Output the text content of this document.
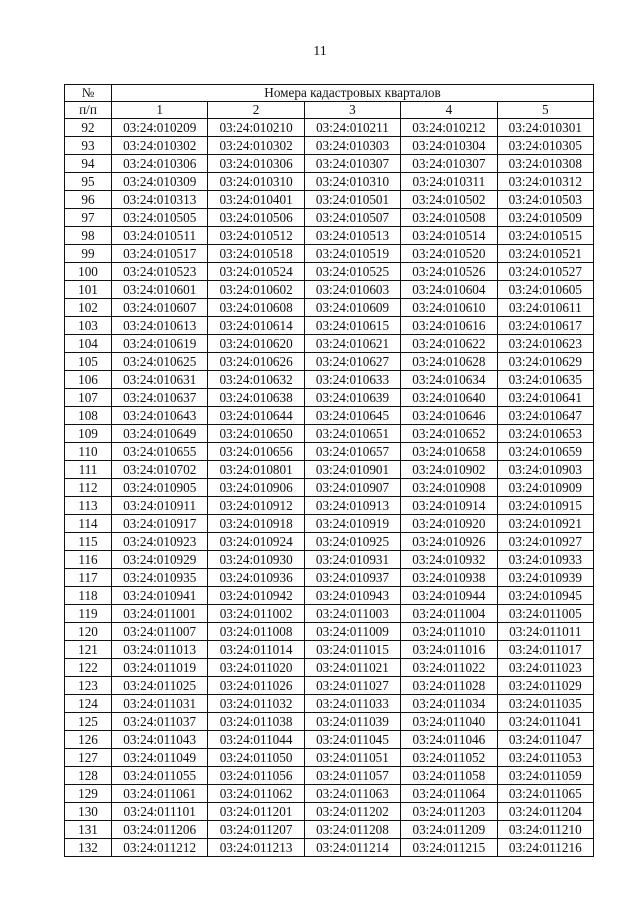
11
№	Номера кадастровых кварталов				
п/п	1	2	3	4	5
92	03:24:010209	03:24:010210	03:24:010211	03:24:010212	03:24:010301
93	03:24:010302	03:24:010302	03:24:010303	03:24:010304	03:24:010305
94	03:24:010306	03:24:010306	03:24:010307	03:24:010307	03:24:010308
95	03:24:010309	03:24:010310	03:24:010310	03:24:010311	03:24:010312
96	03:24:010313	03:24:010401	03:24:010501	03:24:010502	03:24:010503
97	03:24:010505	03:24:010506	03:24:010507	03:24:010508	03:24:010509
98	03:24:010511	03:24:010512	03:24:010513	03:24:010514	03:24:010515
99	03:24:010517	03:24:010518	03:24:010519	03:24:010520	03:24:010521
100	03:24:010523	03:24:010524	03:24:010525	03:24:010526	03:24:010527
101	03:24:010601	03:24:010602	03:24:010603	03:24:010604	03:24:010605
102	03:24:010607	03:24:010608	03:24:010609	03:24:010610	03:24:010611
103	03:24:010613	03:24:010614	03:24:010615	03:24:010616	03:24:010617
104	03:24:010619	03:24:010620	03:24:010621	03:24:010622	03:24:010623
105	03:24:010625	03:24:010626	03:24:010627	03:24:010628	03:24:010629
106	03:24:010631	03:24:010632	03:24:010633	03:24:010634	03:24:010635
107	03:24:010637	03:24:010638	03:24:010639	03:24:010640	03:24:010641
108	03:24:010643	03:24:010644	03:24:010645	03:24:010646	03:24:010647
109	03:24:010649	03:24:010650	03:24:010651	03:24:010652	03:24:010653
110	03:24:010655	03:24:010656	03:24:010657	03:24:010658	03:24:010659
111	03:24:010702	03:24:010801	03:24:010901	03:24:010902	03:24:010903
112	03:24:010905	03:24:010906	03:24:010907	03:24:010908	03:24:010909
113	03:24:010911	03:24:010912	03:24:010913	03:24:010914	03:24:010915
114	03:24:010917	03:24:010918	03:24:010919	03:24:010920	03:24:010921
115	03:24:010923	03:24:010924	03:24:010925	03:24:010926	03:24:010927
116	03:24:010929	03:24:010930	03:24:010931	03:24:010932	03:24:010933
117	03:24:010935	03:24:010936	03:24:010937	03:24:010938	03:24:010939
118	03:24:010941	03:24:010942	03:24:010943	03:24:010944	03:24:010945
119	03:24:011001	03:24:011002	03:24:011003	03:24:011004	03:24:011005
120	03:24:011007	03:24:011008	03:24:011009	03:24:011010	03:24:011011
121	03:24:011013	03:24:011014	03:24:011015	03:24:011016	03:24:011017
122	03:24:011019	03:24:011020	03:24:011021	03:24:011022	03:24:011023
123	03:24:011025	03:24:011026	03:24:011027	03:24:011028	03:24:011029
124	03:24:011031	03:24:011032	03:24:011033	03:24:011034	03:24:011035
125	03:24:011037	03:24:011038	03:24:011039	03:24:011040	03:24:011041
126	03:24:011043	03:24:011044	03:24:011045	03:24:011046	03:24:011047
127	03:24:011049	03:24:011050	03:24:011051	03:24:011052	03:24:011053
128	03:24:011055	03:24:011056	03:24:011057	03:24:011058	03:24:011059
129	03:24:011061	03:24:011062	03:24:011063	03:24:011064	03:24:011065
130	03:24:011101	03:24:011201	03:24:011202	03:24:011203	03:24:011204
131	03:24:011206	03:24:011207	03:24:011208	03:24:011209	03:24:011210
132	03:24:011212	03:24:011213	03:24:011214	03:24:011215	03:24:011216
